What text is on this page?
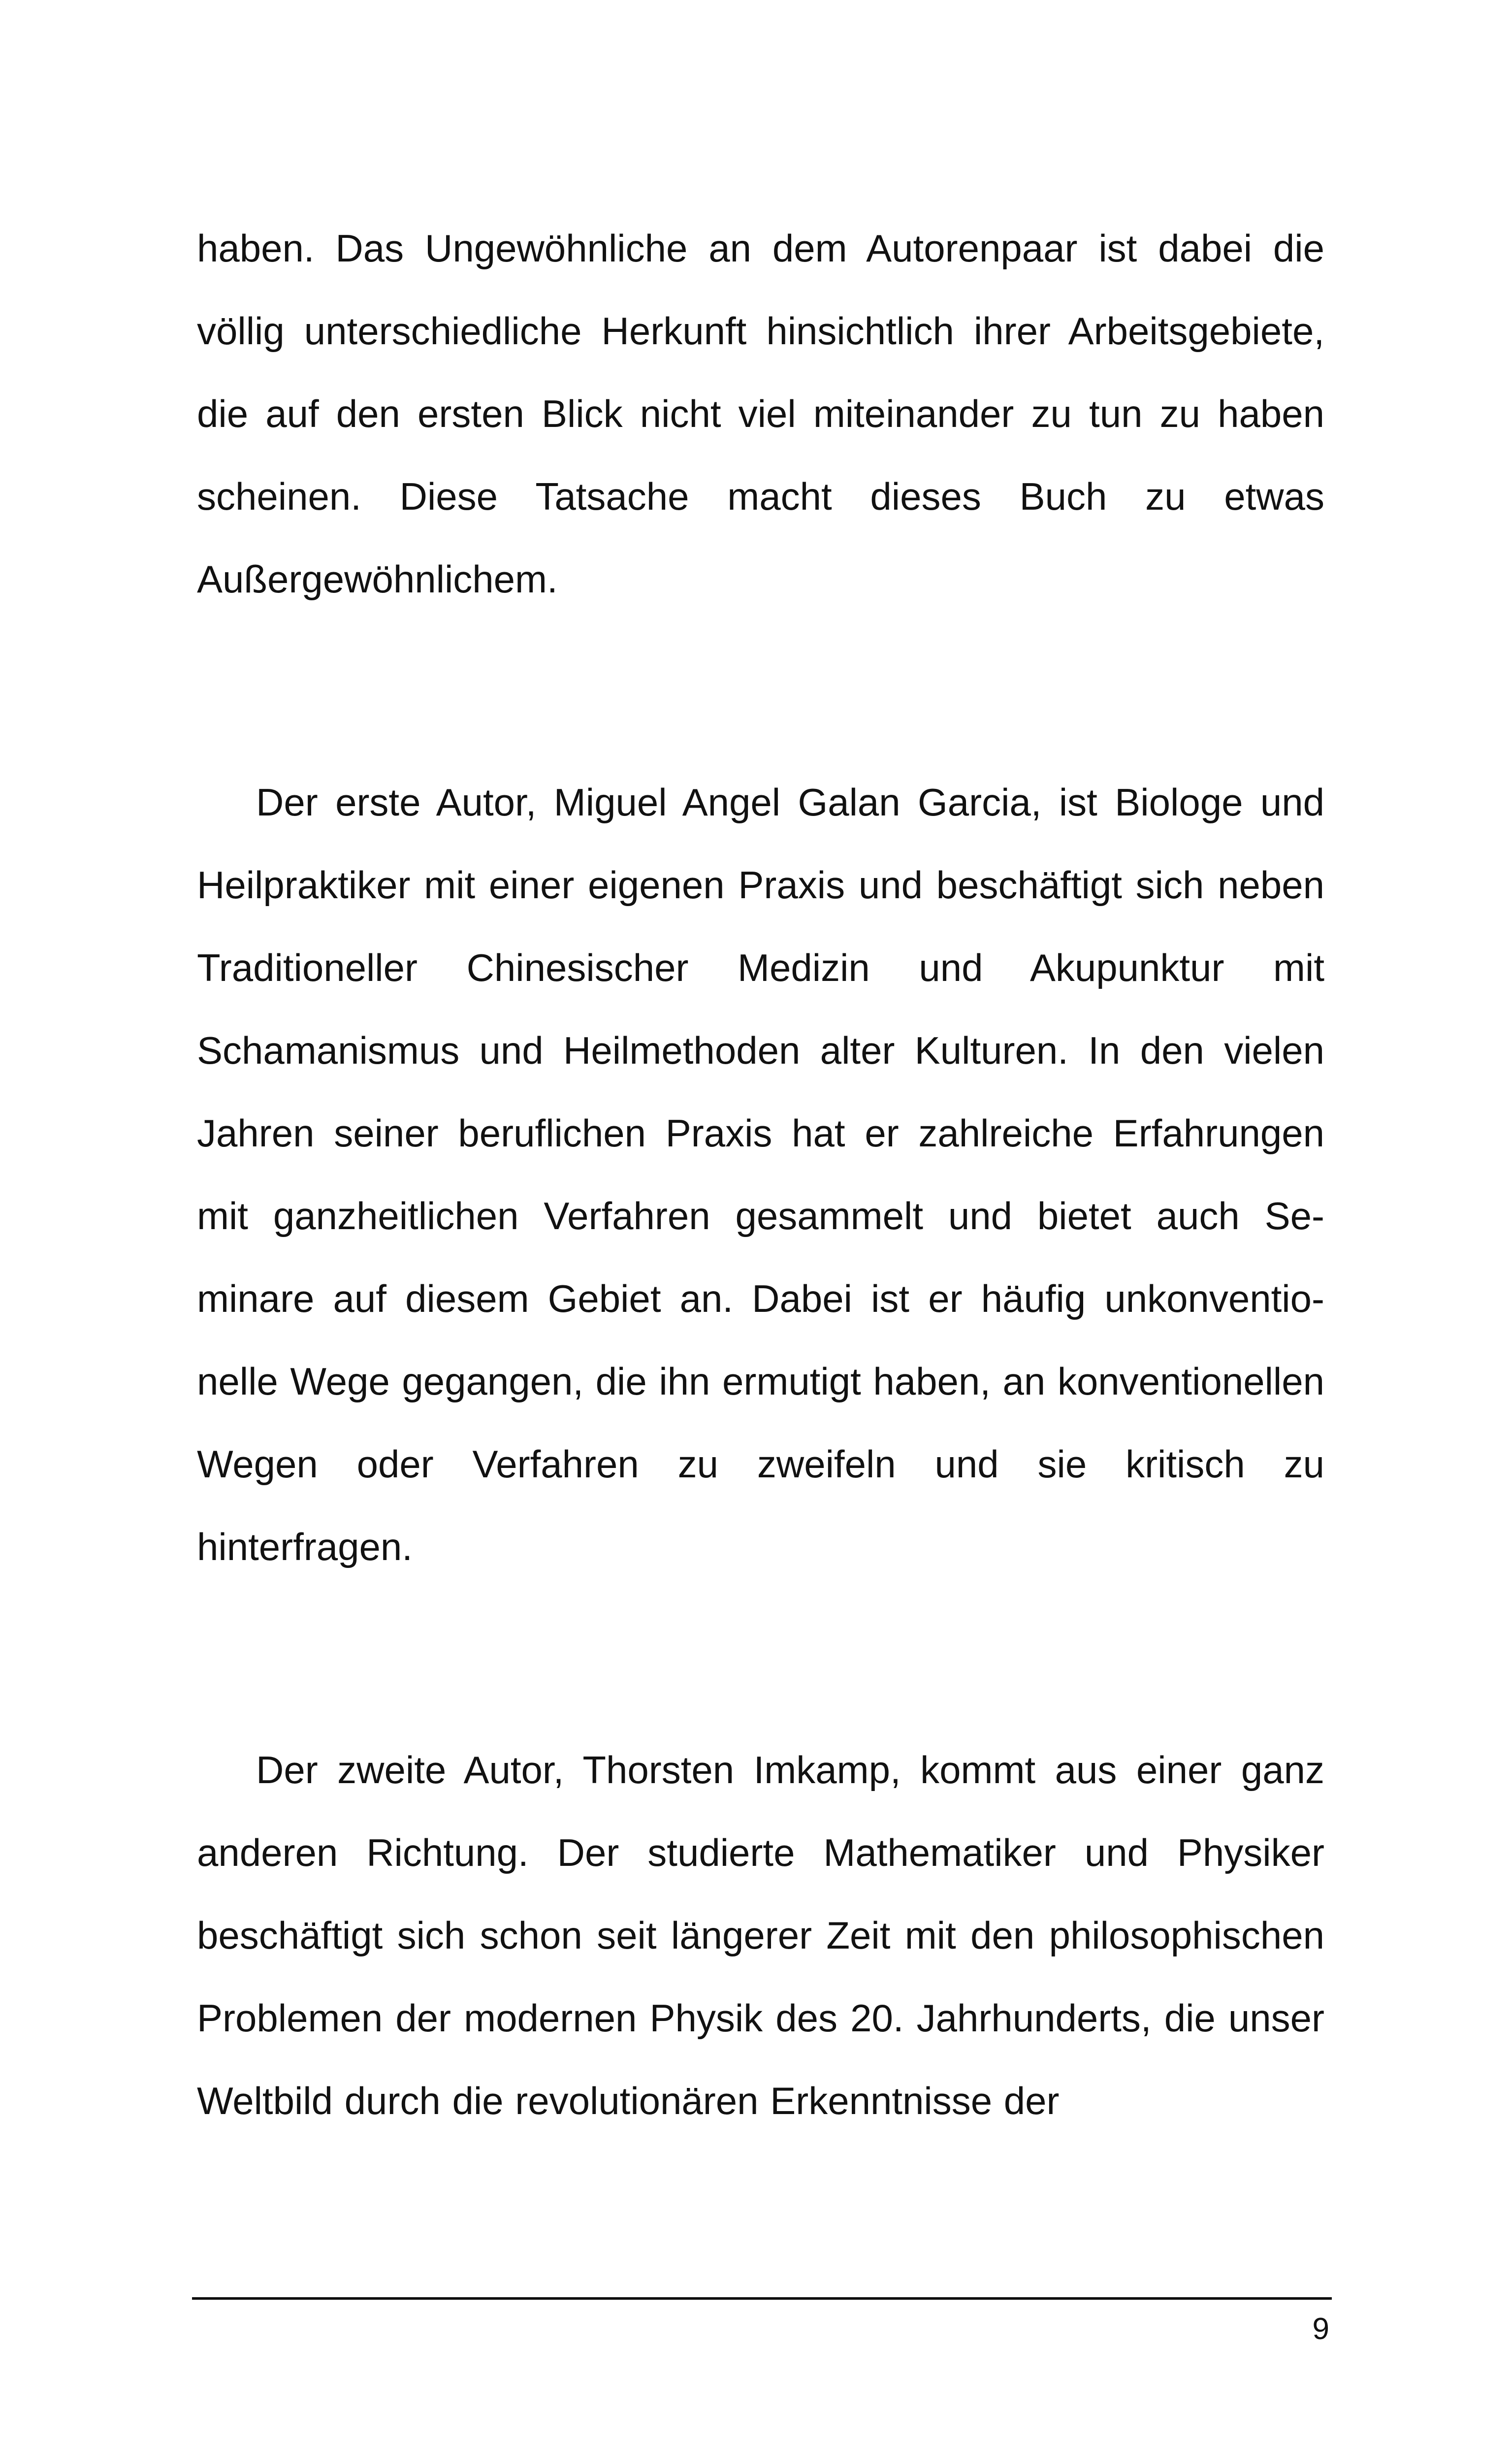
haben. Das Ungewöhnliche an dem Autorenpaar ist dabei die völlig unterschiedliche Herkunft hinsichtlich ihrer Arbeitsgebiete, die auf den ersten Blick nicht viel miteinander zu tun zu haben scheinen. Diese Tatsache macht dieses Buch zu etwas Außergewöhnlichem.

Der erste Autor, Miguel Angel Galan Garcia, ist Biologe und Heilpraktiker mit einer eigenen Praxis und beschäftigt sich neben Traditioneller Chinesischer Medizin und Akupunktur mit Schamanismus und Heilmethoden alter Kulturen. In den vielen Jahren seiner beruflichen Praxis hat er zahlreiche Erfahrungen mit ganzheitlichen Verfahren gesammelt und bietet auch Seminare auf diesem Gebiet an. Dabei ist er häufig unkonventionelle Wege gegangen, die ihn ermutigt haben, an konventionellen Wegen oder Verfahren zu zweifeln und sie kritisch zu hinterfragen.

Der zweite Autor, Thorsten Imkamp, kommt aus einer ganz anderen Richtung. Der studierte Mathematiker und Physiker beschäftigt sich schon seit längerer Zeit mit den philosophischen Problemen der modernen Physik des 20. Jahrhunderts, die unser Weltbild durch die revolutionären Erkenntnisse der

9
